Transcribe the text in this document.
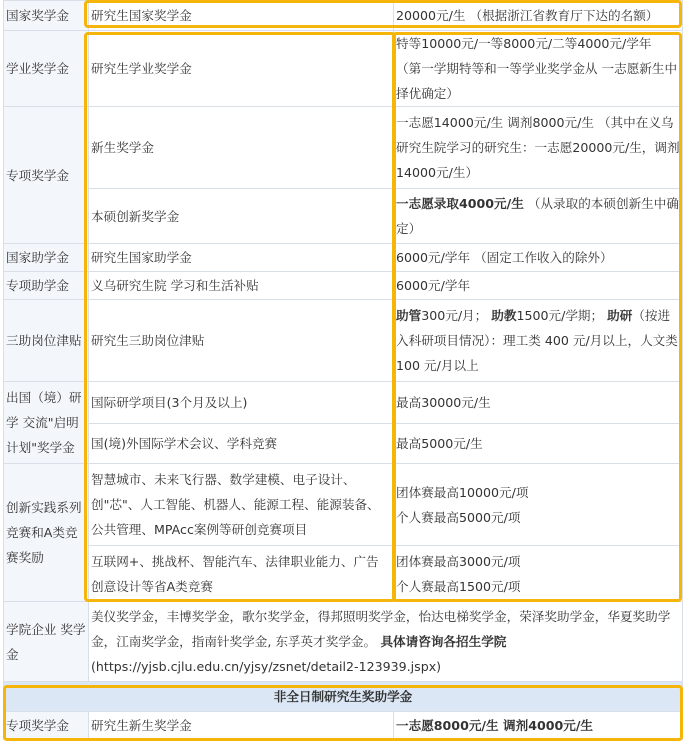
国家奖学金	研究生国家奖学金	20000元/生 （根据浙江省教育厅下达的名额）
学业奖学金	研究生学业奖学金	特等10000元/一等8000元/二等4000元/学年 （第一学期特等和一等学业奖学金从 一志愿新生中择优确定）
专项奖学金	新生奖学金	一志愿14000元/生 调剂8000元/生 （其中在义乌研究生院学习的研究生：一志愿20000元/生，调剂14000元/生）
	本硕创新奖学金	一志愿录取4000元/生 （从录取的本硕创新生中确定）
国家助学金	研究生国家助学金	6000元/学年 （固定工作收入的除外）
专项助学金	义乌研究生院 学习和生活补贴	6000元/学年
三助岗位津贴	研究生三助岗位津贴	助管300元/月； 助教1500元/学期； 助研（按进入科研项目情况）：理工类 400 元/月以上，人文类 100 元/月以上
出国（境）研学 交流"启明计划"奖学金	国际研学项目(3个月及以上)	最高30000元/生
	国(境)外国际学术会议、学科竞赛	最高5000元/生
创新实践系列竞赛和A类竞赛奖励	智慧城市、未来飞行器、数学建模、电子设计、创"芯"、人工智能、机器人、能源工程、能源装备、公共管理、MPAcc案例等研创竞赛项目	团体赛最高10000元/项
个人赛最高5000元/项

	互联网+、挑战杯、智能汽车、法律职业能力、广告创意设计等省A类竞赛	团体赛最高3000元/项
个人赛最高1500元/项

学院企业 奖学金	美仪奖学金，丰博奖学金，歌尔奖学金，得邦照明奖学金，怡达电梯奖学金，荣泽奖助学金，华夏奖助学金，江南奖学金，指南针奖学金, 东孚英才奖学金。 具体请咨询各招生学院(https://yjsb.cjlu.edu.cn/yjsy/zsnet/detail2-123939.jspx)	
非全日制研究生奖助学金		
专项奖学金	研究生新生奖学金	一志愿8000元/生 调剂4000元/生
